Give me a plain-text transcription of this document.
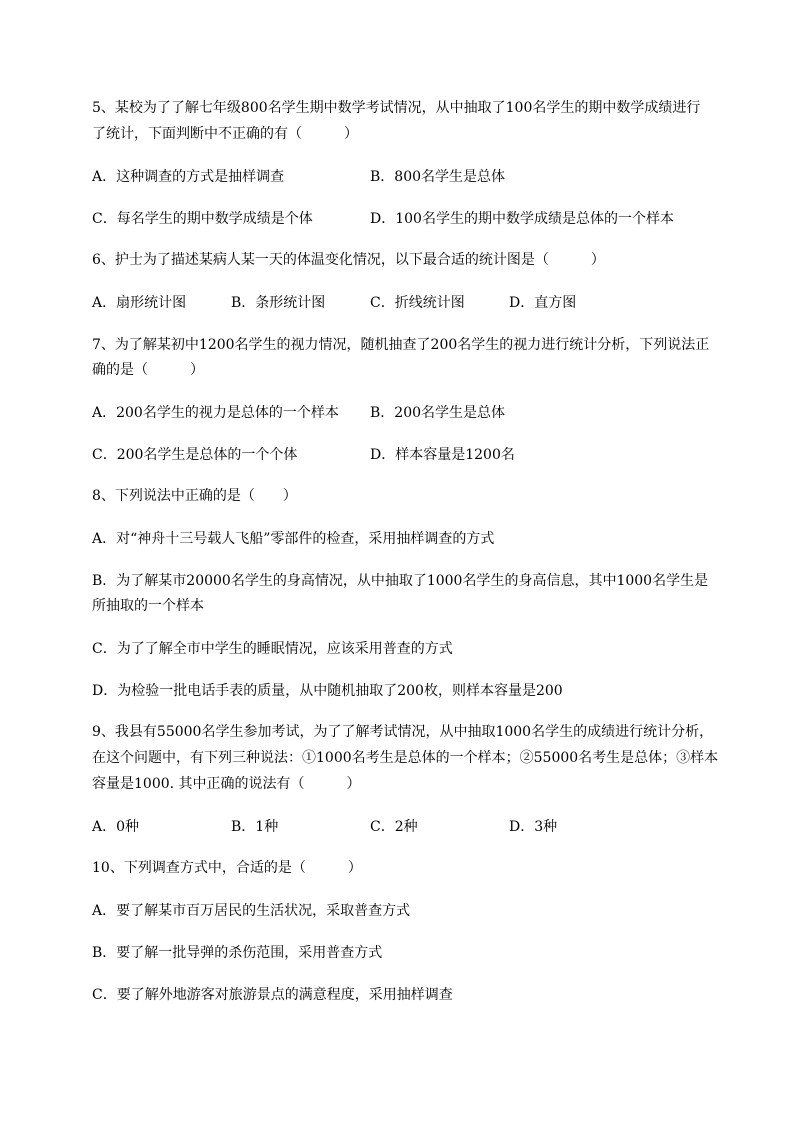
5、某校为了了解七年级800名学生期中数学考试情况，从中抽取了100名学生的期中数学成绩进行
了统计，下面判断中不正确的有（　　　）
A．这种调查的方式是抽样调查	B．800名学生是总体
C．每名学生的期中数学成绩是个体	D．100名学生的期中数学成绩是总体的一个样本
6、护士为了描述某病人某一天的体温变化情况，以下最合适的统计图是（　　　）
A．扇形统计图	B．条形统计图	C．折线统计图	D．直方图
7、为了解某初中1200名学生的视力情况，随机抽查了200名学生的视力进行统计分析，下列说法正
确的是（　　　）
A．200名学生的视力是总体的一个样本 B．200名学生是总体
C．200名学生是总体的一个个体	D．样本容量是1200名
8、下列说法中正确的是（　　）
A．对“神舟十三号载人飞船”零部件的检查，采用抽样调查的方式
B．为了解某市20000名学生的身高情况，从中抽取了1000名学生的身高信息，其中1000名学生是
所抽取的一个样本
C．为了了解全市中学生的睡眠情况，应该采用普查的方式
D．为检验一批电话手表的质量，从中随机抽取了200枚，则样本容量是200
9、我县有55000名学生参加考试，为了了解考试情况，从中抽取1000名学生的成绩进行统计分析，
在这个问题中，有下列三种说法：①1000名考生是总体的一个样本；②55000名考生是总体；③样本
容量是1000. 其中正确的说法有（　　　）
A．0种	B．1种	C．2种	D．3种
10、下列调查方式中，合适的是（　　　）
A．要了解某市百万居民的生活状况，采取普查方式
B．要了解一批导弹的杀伤范围，采用普查方式
C．要了解外地游客对旅游景点的满意程度，采用抽样调查
